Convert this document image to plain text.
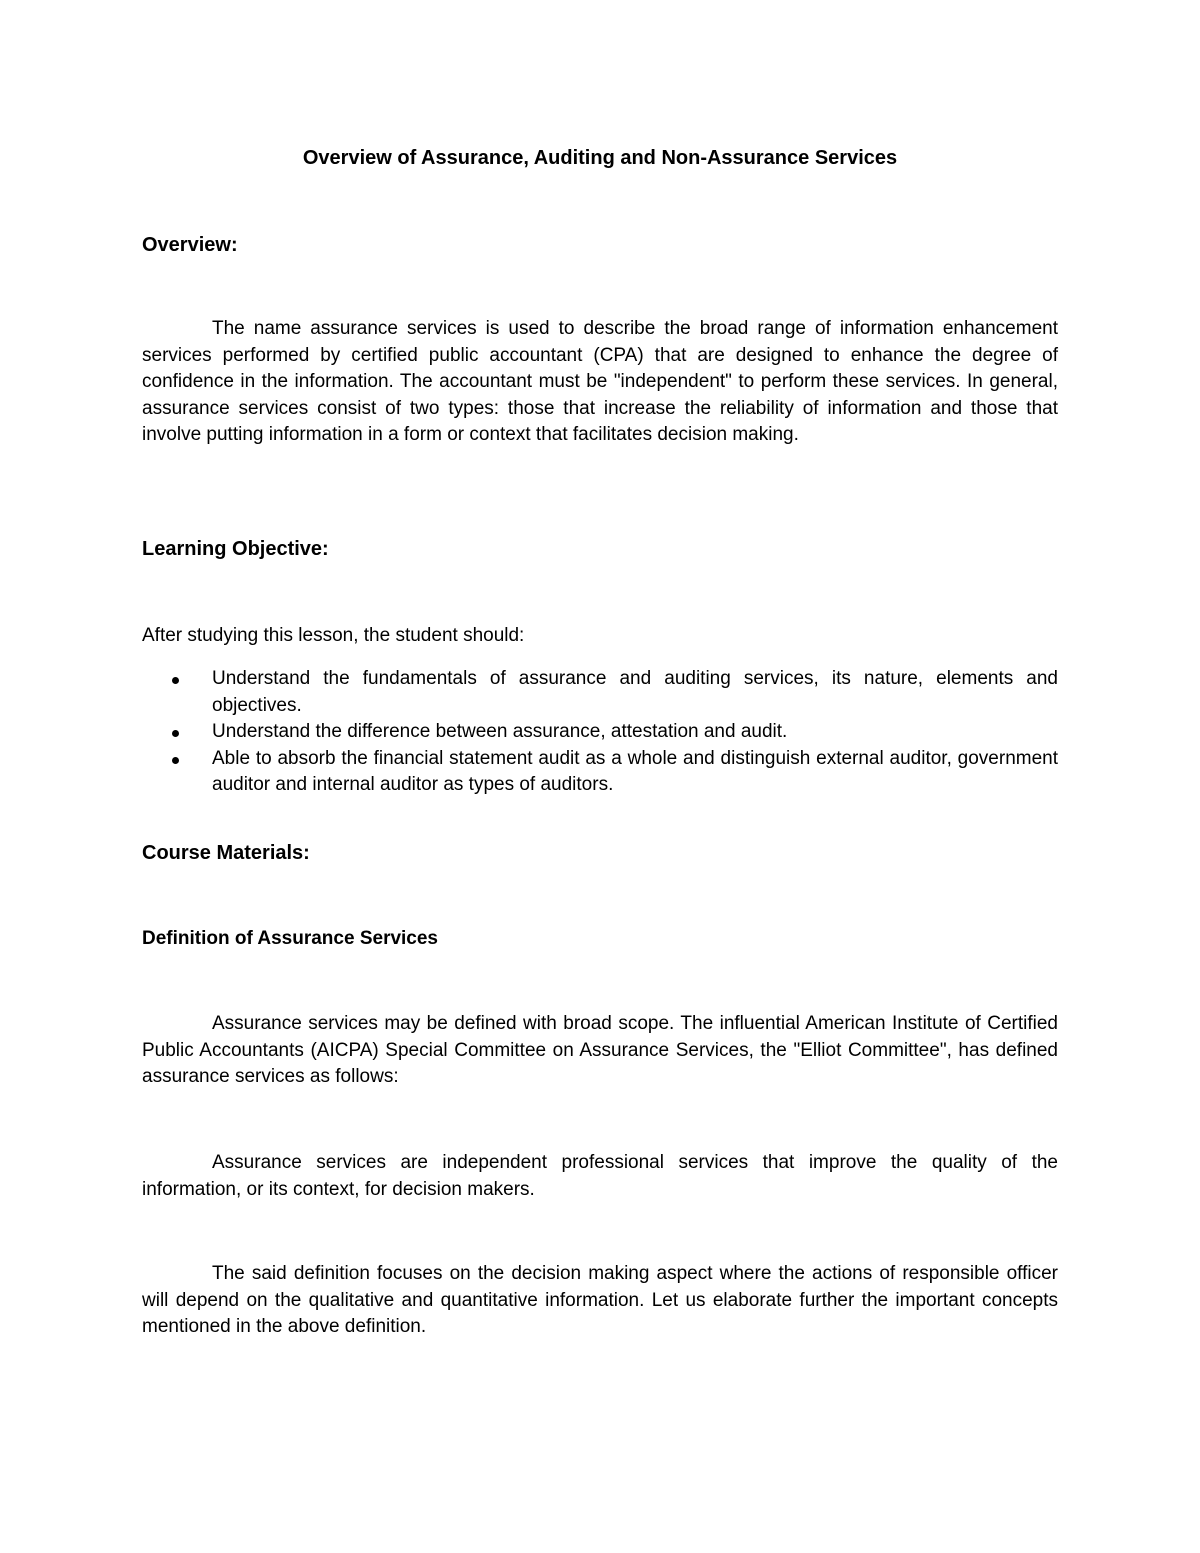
Overview of Assurance, Auditing and Non-Assurance Services
Overview:
The name assurance services is used to describe the broad range of information enhancement services performed by certified public accountant (CPA) that are designed to enhance the degree of confidence in the information. The accountant must be "independent" to perform these services. In general, assurance services consist of two types: those that increase the reliability of information and those that involve putting information in a form or context that facilitates decision making.
Learning Objective:
After studying this lesson, the student should:
Understand the fundamentals of assurance and auditing services, its nature, elements and objectives.
Understand the difference between assurance, attestation and audit.
Able to absorb the financial statement audit as a whole and distinguish external auditor, government auditor and internal auditor as types of auditors.
Course Materials:
Definition of Assurance Services
Assurance services may be defined with broad scope. The influential American Institute of Certified Public Accountants (AICPA) Special Committee on Assurance Services, the "Elliot Committee", has defined assurance services as follows:
Assurance services are independent professional services that improve the quality of the information, or its context, for decision makers.
The said definition focuses on the decision making aspect where the actions of responsible officer will depend on the qualitative and quantitative information. Let us elaborate further the important concepts mentioned in the above definition.
